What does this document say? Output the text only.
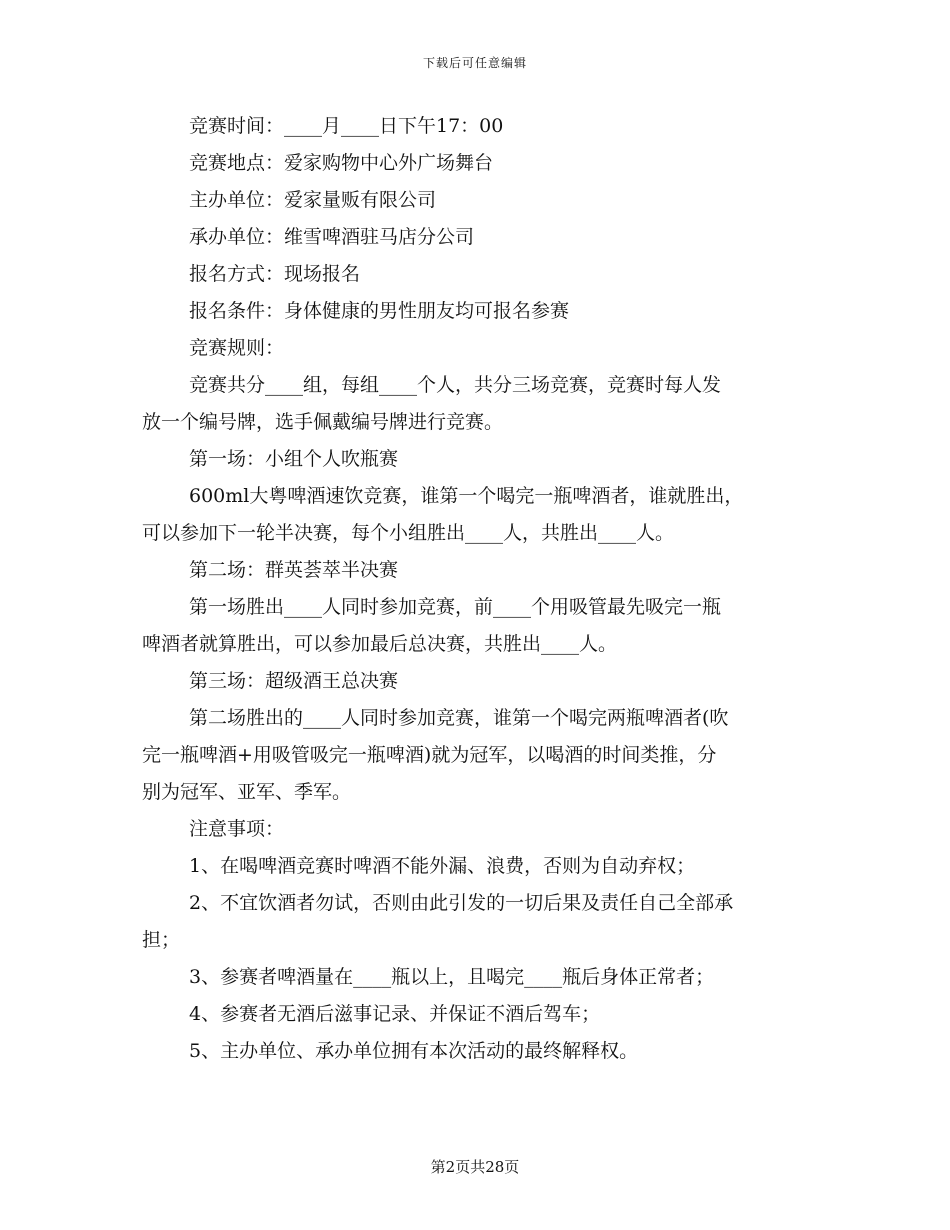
下载后可任意编辑

竞赛时间：____月____日下午17：00

竞赛地点：爱家购物中心外广场舞台

主办单位：爱家量贩有限公司

承办单位：维雪啤酒驻马店分公司

报名方式：现场报名

报名条件：身体健康的男性朋友均可报名参赛

竞赛规则：

竞赛共分____组，每组____个人，共分三场竞赛，竞赛时每人发

放一个编号牌，选手佩戴编号牌进行竞赛。

第一场：小组个人吹瓶赛

600ml大粤啤酒速饮竞赛，谁第一个喝完一瓶啤酒者，谁就胜出，

可以参加下一轮半决赛，每个小组胜出____人，共胜出____人。

第二场：群英荟萃半决赛

第一场胜出____人同时参加竞赛，前____个用吸管最先吸完一瓶

啤酒者就算胜出，可以参加最后总决赛，共胜出____人。

第三场：超级酒王总决赛

第二场胜出的____人同时参加竞赛，谁第一个喝完两瓶啤酒者(吹

完一瓶啤酒+用吸管吸完一瓶啤酒)就为冠军，以喝酒的时间类推，分

别为冠军、亚军、季军。

注意事项：

1、在喝啤酒竞赛时啤酒不能外漏、浪费，否则为自动弃权；

2、不宜饮酒者勿试，否则由此引发的一切后果及责任自己全部承

担；

3、参赛者啤酒量在____瓶以上，且喝完____瓶后身体正常者；

4、参赛者无酒后滋事记录、并保证不酒后驾车；

5、主办单位、承办单位拥有本次活动的最终解释权。

第2页共28页
